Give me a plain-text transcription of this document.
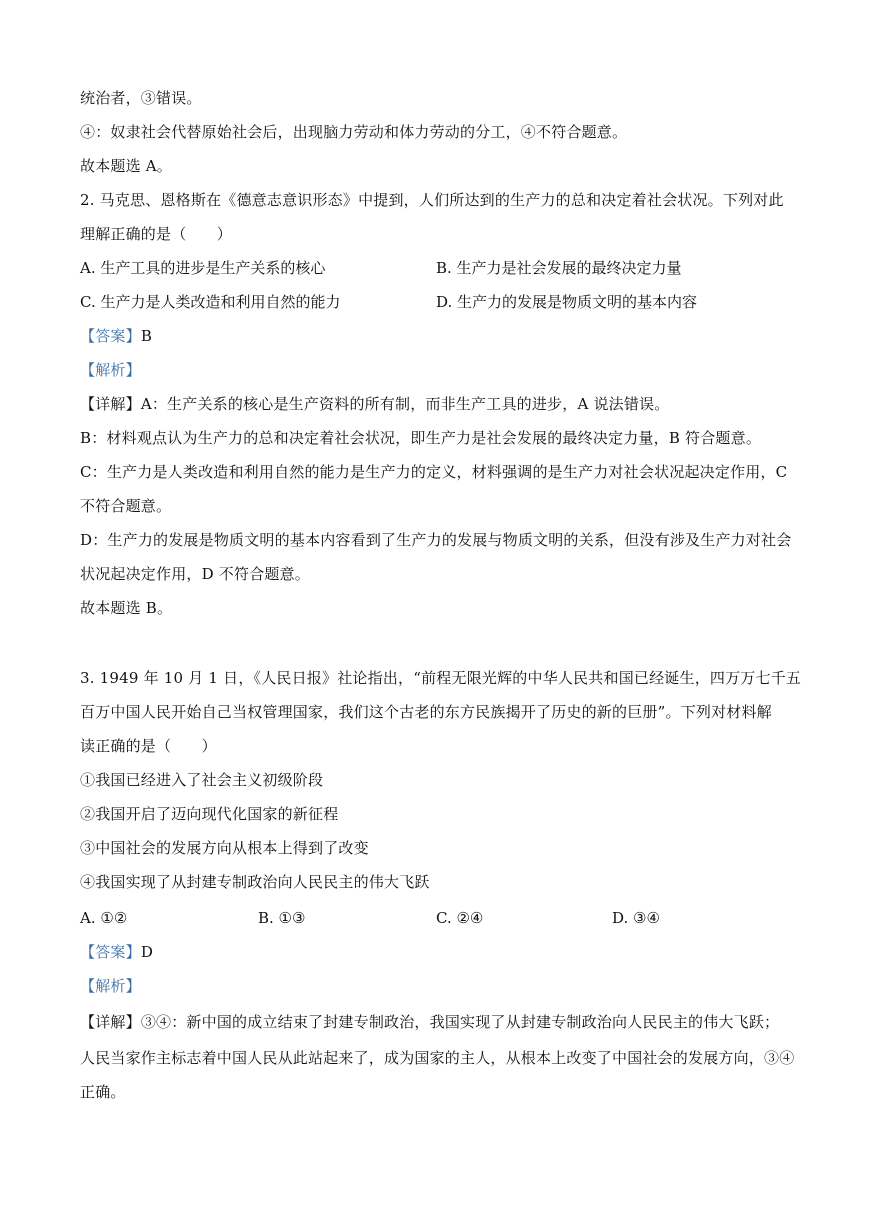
统治者，③错误。
④：奴隶社会代替原始社会后，出现脑力劳动和体力劳动的分工，④不符合题意。
故本题选 A。
2. 马克思、恩格斯在《德意志意识形态》中提到，人们所达到的生产力的总和决定着社会状况。下列对此
理解正确的是（　　）
A. 生产工具的进步是生产关系的核心	B. 生产力是社会发展的最终决定力量
C. 生产力是人类改造和利用自然的能力	D. 生产力的发展是物质文明的基本内容
【答案】B
【解析】
【详解】A：生产关系的核心是生产资料的所有制，而非生产工具的进步，A 说法错误。
B：材料观点认为生产力的总和决定着社会状况，即生产力是社会发展的最终决定力量，B 符合题意。
C：生产力是人类改造和利用自然的能力是生产力的定义，材料强调的是生产力对社会状况起决定作用，C
不符合题意。
D：生产力的发展是物质文明的基本内容看到了生产力的发展与物质文明的关系，但没有涉及生产力对社会
状况起决定作用，D 不符合题意。
故本题选 B。
3. 1949 年 10 月 1 日，《人民日报》社论指出，“前程无限光辉的中华人民共和国已经诞生，四万万七千五
百万中国人民开始自己当权管理国家，我们这个古老的东方民族揭开了历史的新的巨册”。下列对材料解
读正确的是（　　）
①我国已经进入了社会主义初级阶段
②我国开启了迈向现代化国家的新征程
③中国社会的发展方向从根本上得到了改变
④我国实现了从封建专制政治向人民民主的伟大飞跃
A. ①②	B. ①③	C. ②④	D. ③④
【答案】D
【解析】
【详解】③④：新中国的成立结束了封建专制政治，我国实现了从封建专制政治向人民民主的伟大飞跃；
人民当家作主标志着中国人民从此站起来了，成为国家的主人，从根本上改变了中国社会的发展方向，③④
正确。
